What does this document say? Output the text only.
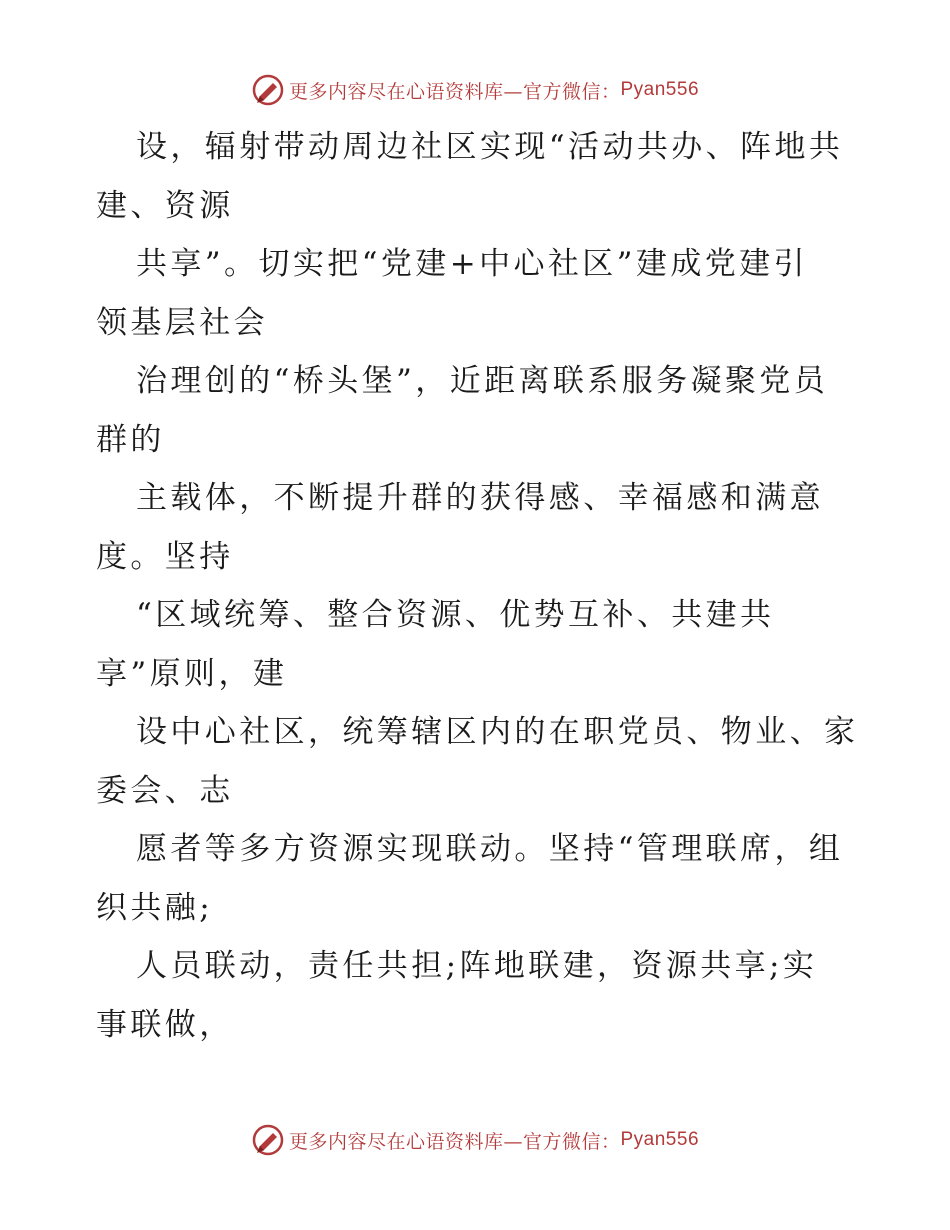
更多内容尽在心语资料库—官方微信： Pyan556
设，辐射带动周边社区实现“活动共办、阵地共
建、资源
共享”。切实把“党建+中心社区”建成党建引
领基层社会
治理创的“桥头堡”，近距离联系服务凝聚党员
群的
主载体，不断提升群的获得感、幸福感和满意
度。坚持
“区域统筹、整合资源、优势互补、共建共
享”原则，建
设中心社区，统筹辖区内的在职党员、物业、家
委会、志
愿者等多方资源实现联动。坚持“管理联席，组
织共融;
人员联动，责任共担;阵地联建，资源共享;实
事联做，
更多内容尽在心语资料库—官方微信： Pyan556
